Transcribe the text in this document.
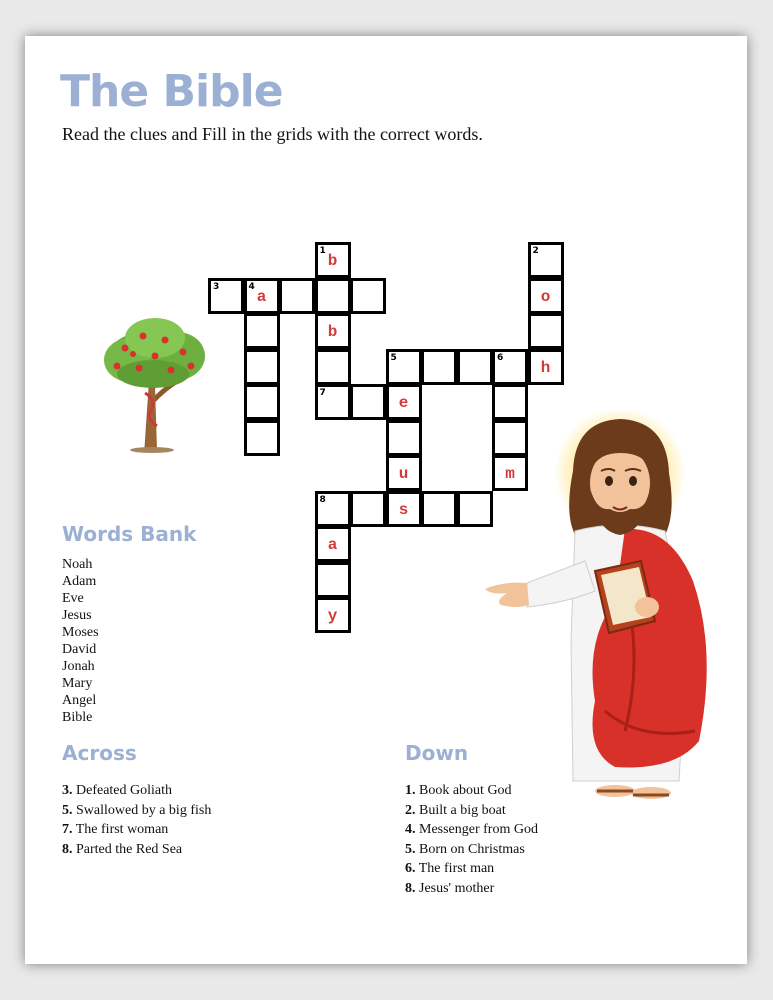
The Bible

Read the clues and Fill in the grids with the correct words.

1
b
2
3	4
a	o
b
5	6
h
7
e
u	m
8
s
a
y
Words Bank
Noah
Adam
Eve
Jesus
Moses
David
Jonah
Mary
Angel
Bible
Across
3. Defeated Goliath
5. Swallowed by a big fish
7. The first woman
8. Parted the Red Sea
Down
1. Book about God
2. Built a big boat
4. Messenger from God
5. Born on Christmas
6. The first man
8. Jesus' mother
